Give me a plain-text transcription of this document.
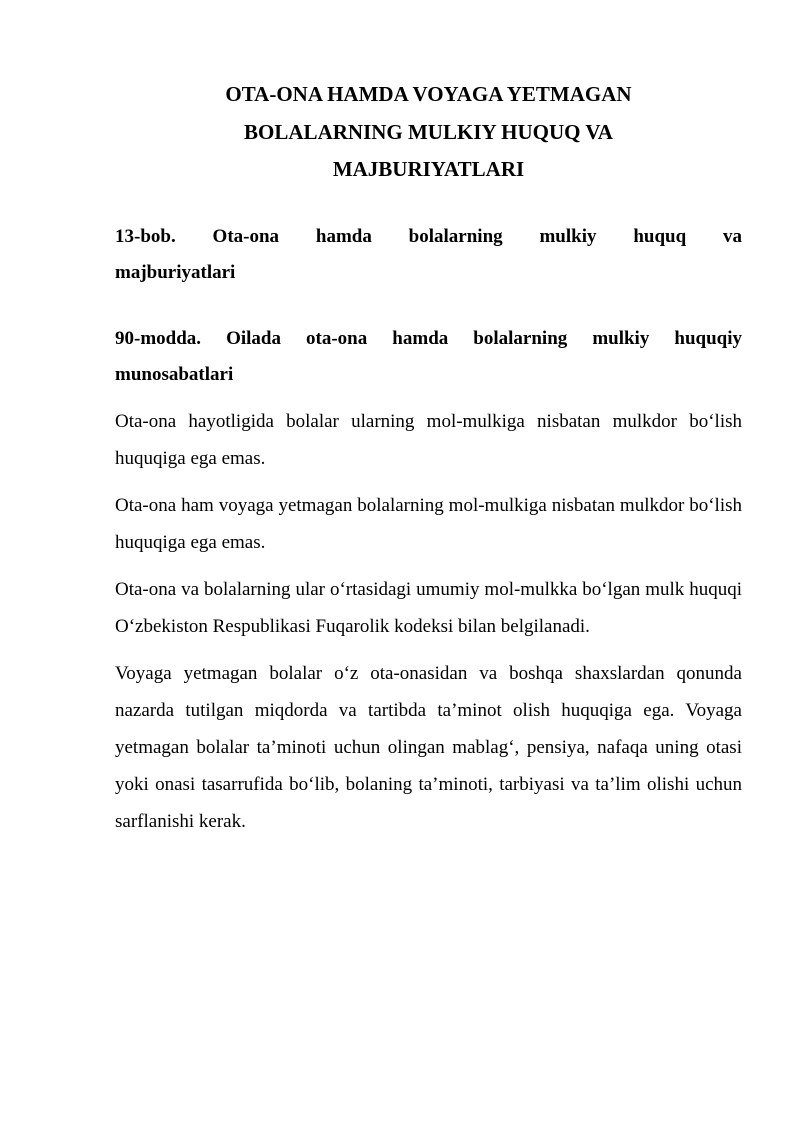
OTA-ONA HAMDA VOYAGA YETMAGAN
BOLALARNING MULKIY HUQUQ VA
MAJBURIYATLARI
13-bob. Ota-ona hamda bolalarning mulkiy huquq va
majburiyatlari

90-modda. Oilada ota-ona hamda bolalarning mulkiy huquqiy munosabatlari

Ota-ona hayotligida bolalar ularning mol-mulkiga nisbatan mulkdor bo‘lish huquqiga ega emas.

Ota-ona ham voyaga yetmagan bolalarning mol-mulkiga nisbatan mulkdor bo‘lish huquqiga ega emas.

Ota-ona va bolalarning ular o‘rtasidagi umumiy mol-mulkka bo‘lgan mulk huquqi O‘zbekiston Respublikasi Fuqarolik kodeksi bilan belgilanadi.

Voyaga yetmagan bolalar o‘z ota-onasidan va boshqa shaxslardan qonunda nazarda tutilgan miqdorda va tartibda ta’minot olish huquqiga ega. Voyaga yetmagan bolalar ta’minoti uchun olingan mablag‘, pensiya, nafaqa uning otasi yoki onasi tasarrufida bo‘lib, bolaning ta’minoti, tarbiyasi va ta’lim olishi uchun sarflanishi kerak.
